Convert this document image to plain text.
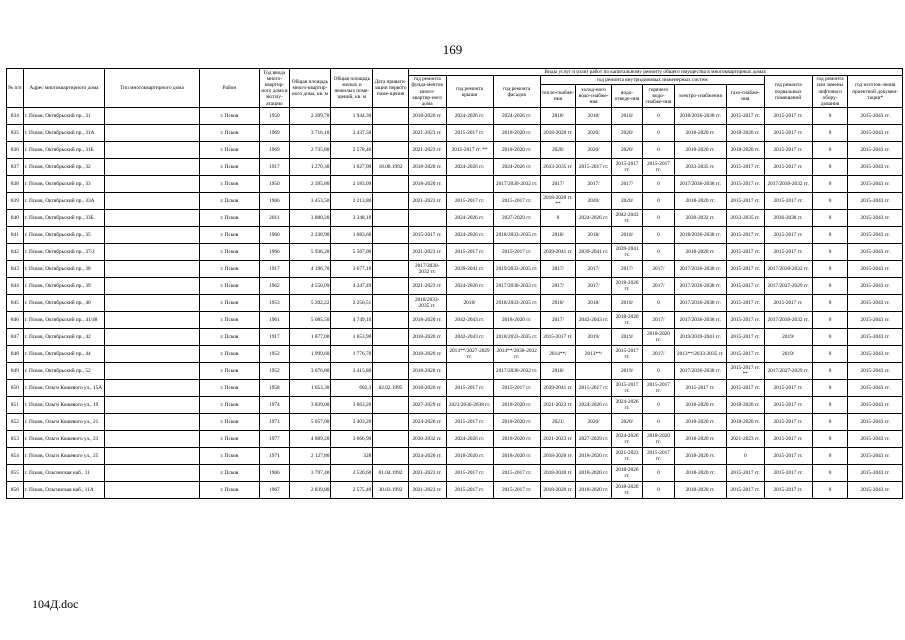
169
№ п/п	Адрес многоквартирного дома	Тип многоквартирного дома	Район	Год ввода много-квартир-ного дома в эксплу-атацию	Общая площадь много-квартир-ного дома, кв. м	Общая площадь жилых и нежилых поме-щений, кв. м	Дата привати-зации первого поме-щения	Виды услуг и (или) работ по капитальному ремонту общего имущества в многоквартирных домах											
								год ремонта фунда-ментов много-квартир-ного дома	год ремонта крыши	год ремонта фасадов	год ремонта внутридомовых инженерных систем						год ремонта подвальных помещений	год ремонта или замены лифтового обору-дования	год изготов-ления проектной докумен-тации*
											тепло-снабже-ния	холод-ного водо-снабже-ния	водо-отведе-ния	горячего водо-снабже-ния	электро-снабжения	газо-снабже-ния			
834	г. Псков, Октябрьский пр., 31		г. Псков	1950	2 209,70	1 944,30		2018-2020 гг.	2024-2026 гг.	2024-2026 гг.	2018/	2018/	2018/	0	2018/2036-2038 гг.	2015-2017 гг.	2015-2017 гг.	0	2015-2043 гг.
835	г. Псков, Октябрьский пр., 31А		г. Псков	1969	3 716,10	3 437,50		2021-2023 гг.	2015-2017 гг.	2018-2020 гг.	2018-2020 гг.	2020/	2020/	0	2018-2020 гг.	2018-2020 гг.	2015-2017 гг.	0	2015-2043 гг.
836	г. Псков, Октябрьский пр., 31Б		г. Псков	1969	2 735,80	2 578,40		2021-2023 гг.	2015-2017 гг. **	2018-2020 гг.	2020/	2020/	2020/	0	2018-2020 гг.	2018-2020 гг.	2015-2017 гг.	0	2015-2043 гг.
837	г. Псков, Октябрьский пр., 32		г. Псков	1917	1 270,30	1 027,00	18.08.1992	2018-2020 гг.	2024-2026 гг.	2024-2026 гг.	2033-2035 гг.	2015-2017 гг.	2015-2017 гг.	2015-2017 гг.	2033-2035 гг.	2015-2017 гг.	2015-2017 гг.	0	2015-2043 гг.
838	г. Псков, Октябрьский пр., 33		г. Псков	1950	2 395,80	2 183,09		2018-2020 гг.		2017/2030-2032 гг.	2017/	2017/	2017/	0	2017/2036-2038 гг.	2015-2017 гг.	2017/2030-2032 гг.	0	2015-2043 гг.
839	г. Псков, Октябрьский пр., 33А		г. Псков	1966	3 453,50	3 213,80		2021-2023 гг.	2015-2017 гг.	2015-2017 гг.	2018-2020 гг. **	2020/	2020/	0	2018-2020 гг.	2015-2017 гг.	2015-2017 гг.	0	2015-2043 гг.
840	г. Псков, Октябрьский пр., 33Б		г. Псков	2011	3 880,20	3 348,10			2024-2026 гг.	2027-2029 гг.	0	2024-2026 гг.	2042-2043 гг.	0	2030-2032 гг.	2033-2035 гг.	2036-2038 гг.	0	2015-2043 гг.
841	г. Псков, Октябрьский пр., 35		г. Псков	1960	2 238,90	1 083,60		2015-2017 гг.	2024-2026 гг.	2018/2033-2035 гг.	2018/	2018/	2018/	0	2018/2036-2038 гг.	2015-2017 гг.	2015-2017 гг.	0	2015-2043 гг.
842	г. Псков, Октябрьский пр., 37/2		г. Псков	1966	5 936,20	5 567,00		2021-2023 гг.	2015-2017 гг.	2015-2017 гг.	2039-2041 гг.	2039-2041 гг.	2039-2041 гг.	0	2018-2020 гг.	2015-2017 гг.	2015-2017 гг.	0	2015-2043 гг.
843	г. Псков, Октябрьский пр., 38		г. Псков	1917	4 196,70	3 677,10		2017/2030-2032 гг.	2039-2041 гг.	2019/2033-2035 гг.	2017/	2017/	2017/	2017/	2017/2036-2038 гг.	2015-2017 гг.	2017/2030-2032 гг.	0	2015-2043 гг.
844	г. Псков, Октябрьский пр., 39		г. Псков	1962	4 550,09	4 247,49		2021-2023 гг.	2024-2026 гг.	2017/2030-2032 гг.	2017/	2017/	2018-2020 гг.	2017/	2017/2036-2038 гг.	2015-2017 гг.	2017/2027-2029 гг.	0	2015-2043 гг.
845	г. Псков, Октябрьский пр., 40		г. Псков	1953	5 202,22	3 256,51		2018/2033-2035 гг.	2018/	2018/2033-2035 гг.	2018/	2018/	2018/	0	2017/2036-2038 гг.	2015-2017 гг.	2015-2017 гг.	0	2015-2043 гг.
846	г. Псков, Октябрьский пр., 41/48		г. Псков	1961	5 085,50	4 749,10		2018-2020 гг.	2042-2043 гг.	2018-2020 гг.	2017/	2042-2043 гг.	2018-2020 гг.	2017/	2017/2036-2038 гг.	2015-2017 гг.	2017/2030-2032 гг.	0	2015-2043 гг.
847	г. Псков, Октябрьский пр., 42		г. Псков	1917	1 877,00	1 653,90		2018-2020 гг.	2042-2043 гг.	2018/2033-2035 гг.	2015-2017 гг.	2019/	2019/	2018-2020 гг.	2019/2039-2041 гг.	2015-2017 гг.	2019/	0	2015-2043 гг.
848	г. Псков, Октябрьский пр., 44		г. Псков	1952	1 999,60	1 776,70		2018-2020 гг.	2013**/2027-2029 гг.	2014**/2030-2032 гг.	2014**/	2013**/	2015-2017 гг.	2017/	2013**/2033-2035 гг.	2015-2017 гг.	2019/	0	2015-2043 гг.
849	г. Псков, Октябрьский пр., 52		г. Псков	1952	3 676,80	3 415,80		2018-2020 гг.		2017/2030-2032 гг.	2018/		2019/	0	2017/2036-2038 гг.	2015-2017 гг. **	2017/2027-2029 гг.	0	2015-2043 гг.
850	г. Псков, Ольги Кошевого ул., 15А		г. Псков	1958	1 053,30	602,3	02.02.1995	2018-2020 гг.	2015-2017 гг.	2015-2017 гг.	2039-2041 гг.	2015-2017 гг.	2015-2017 гг.	2015-2017 гг.	2015-2017 гг.	2015-2017 гг.	2015-2017 гг.	0	2015-2043 гг.
851	г. Псков, Ольги Кошевого ул., 19		г. Псков	1974	3 839,00	3 063,20		2027-2029 гг.	2021/2036-2038 гг.	2018-2020 гг.	2021-2023 гг.	2024-2026 гг.	2024-2026 гг.	0	2018-2020 гг.	2018-2020 гг.	2015-2017 гг.	0	2015-2043 гг.
852	г. Псков, Ольги Кошевого ул., 21		г. Псков	1971	5 057,00	3 403,20		2024-2026 гг.	2015-2017 гг.	2018-2020 гг.	2021/	2020/	2020/	0	2018-2020 гг.	2018-2020 гг.	2015-2017 гг.	0	2015-2043 гг.
853	г. Псков, Ольги Кошевого ул., 23		г. Псков	1977	4 889,20	3 666,90		2030-2032 гг.	2024-2026 гг.	2018-2020 гг.	2021-2023 гг.	2027-2029 гг.	2024-2026 гг.	2018-2020 гг.	2018-2020 гг.	2021-2023 гг.	2015-2017 гг.	0	2015-2043 гг.
854	г. Псков, Ольги Кошевого ул., 25		г. Псков	1971	2 127,80	328		2024-2026 гг.	2018-2020 гг.	2018-2020 гг.	2018-2020 гг.	2018-2020 гг.	2021-2023 гг.	2015-2017 гг.	2018-2020 гг.	0	2015-2017 гг.	0	2015-2043 гг.
855	г. Псков, Ольгинская наб., 11		г. Псков	1966	3 797,40	3 520,60	01.04.1992	2021-2023 гг.	2015-2017 гг.	2015-2017 гг.	2018-2020 гг.	2018-2020 гг.	2018-2020 гг.	0	2018-2020 гг.	2015-2017 гг.	2015-2017 гг.	0	2015-2043 гг.
856	г. Псков, Ольгинская наб., 11А		г. Псков	1967	2 839,80	2 575,40	30.03.1992	2021-2023 гг.	2015-2017 гг.	2015-2017 гг.	2018-2020 гг.	2018-2020 гг.	2018-2020 гг.	0	2018-2020 гг.	2015-2017 гг.	2015-2017 гг.	0	2015-2043 гг.
104Д.doc
